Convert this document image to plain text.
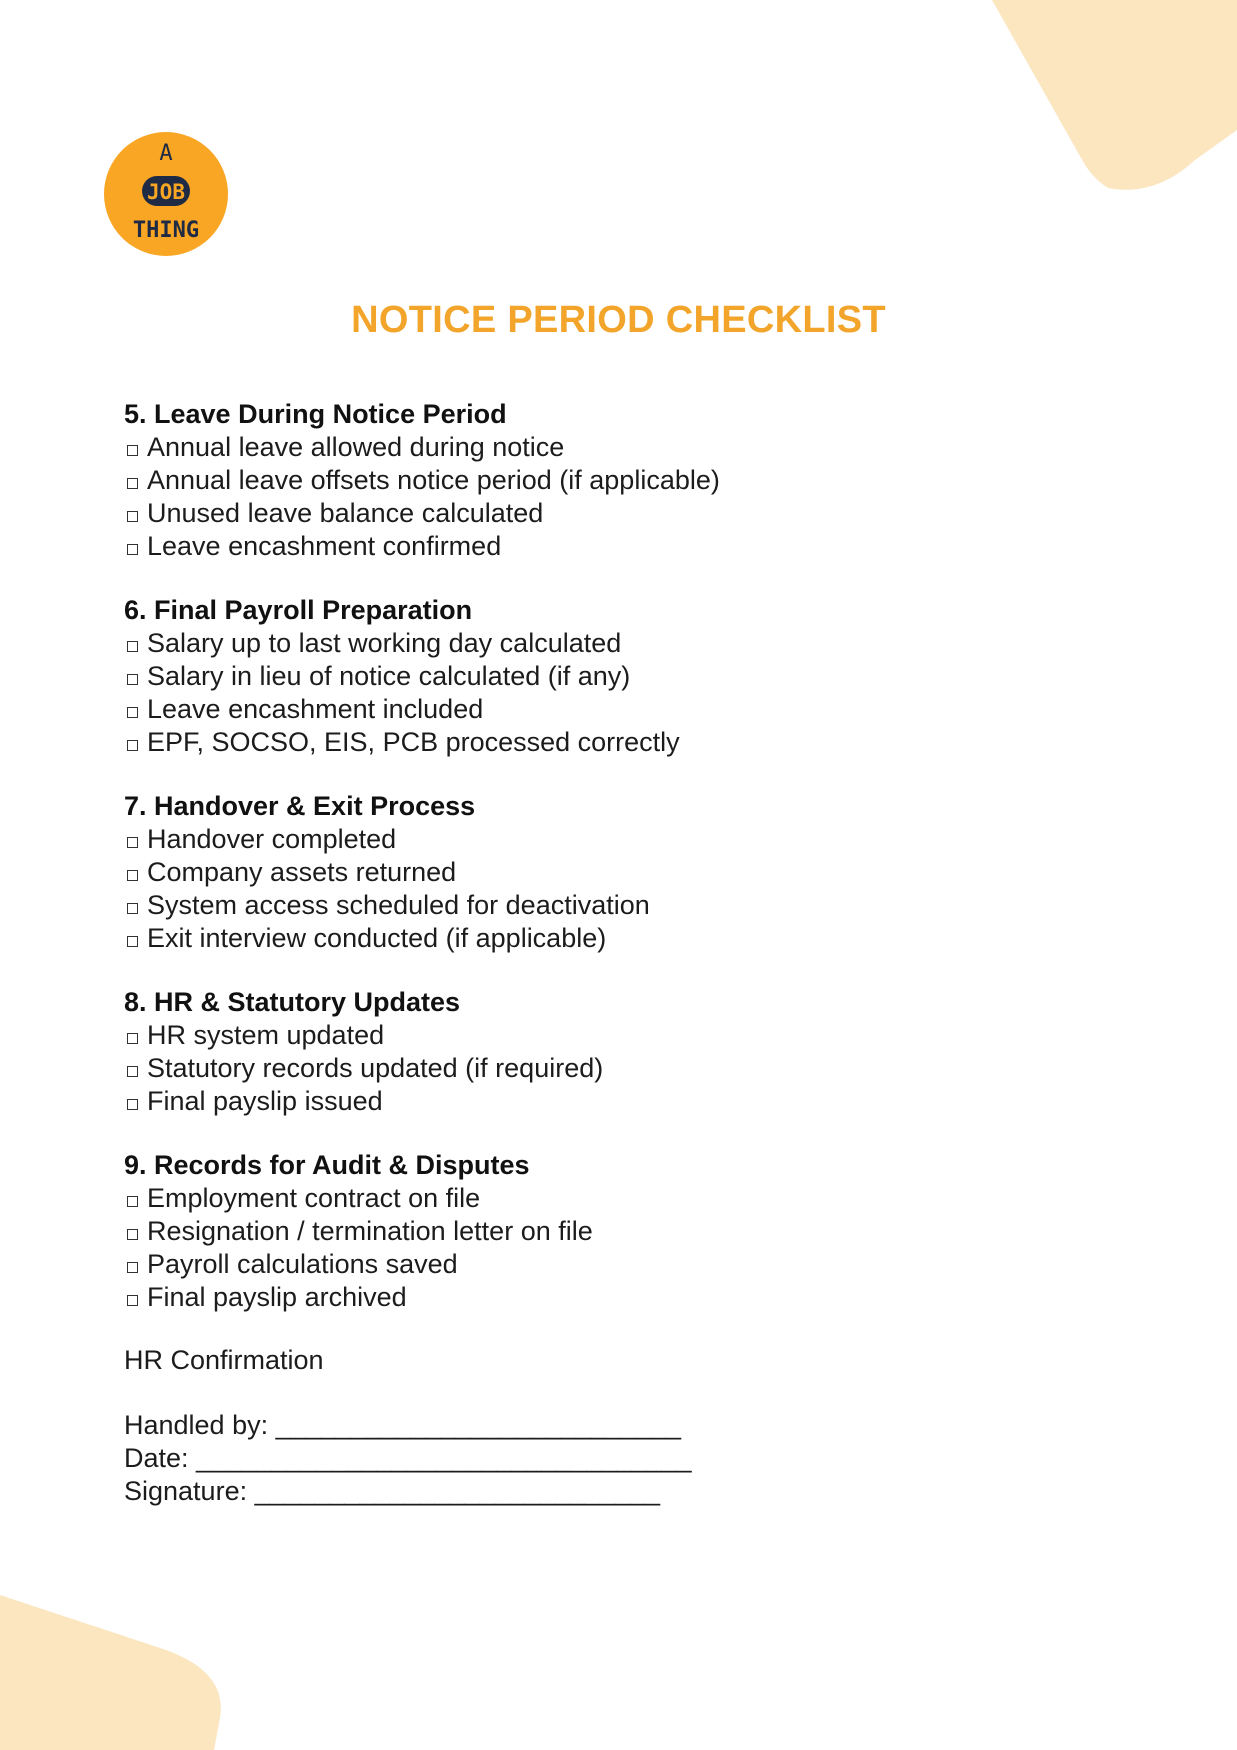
A
JOB
THING
NOTICE PERIOD CHECKLIST
5. Leave During Notice Period
Annual leave allowed during notice
Annual leave offsets notice period (if applicable)
Unused leave balance calculated
Leave encashment confirmed
6. Final Payroll Preparation
Salary up to last working day calculated
Salary in lieu of notice calculated (if any)
Leave encashment included
EPF, SOCSO, EIS, PCB processed correctly
7. Handover & Exit Process
Handover completed
Company assets returned
System access scheduled for deactivation
Exit interview conducted (if applicable)
8. HR & Statutory Updates
HR system updated
Statutory records updated (if required)
Final payslip issued
9. Records for Audit & Disputes
Employment contract on file
Resignation / termination letter on file
Payroll calculations saved
Final payslip archived
HR Confirmation
Handled by: ___________________________
Date: _________________________________
Signature: ___________________________
